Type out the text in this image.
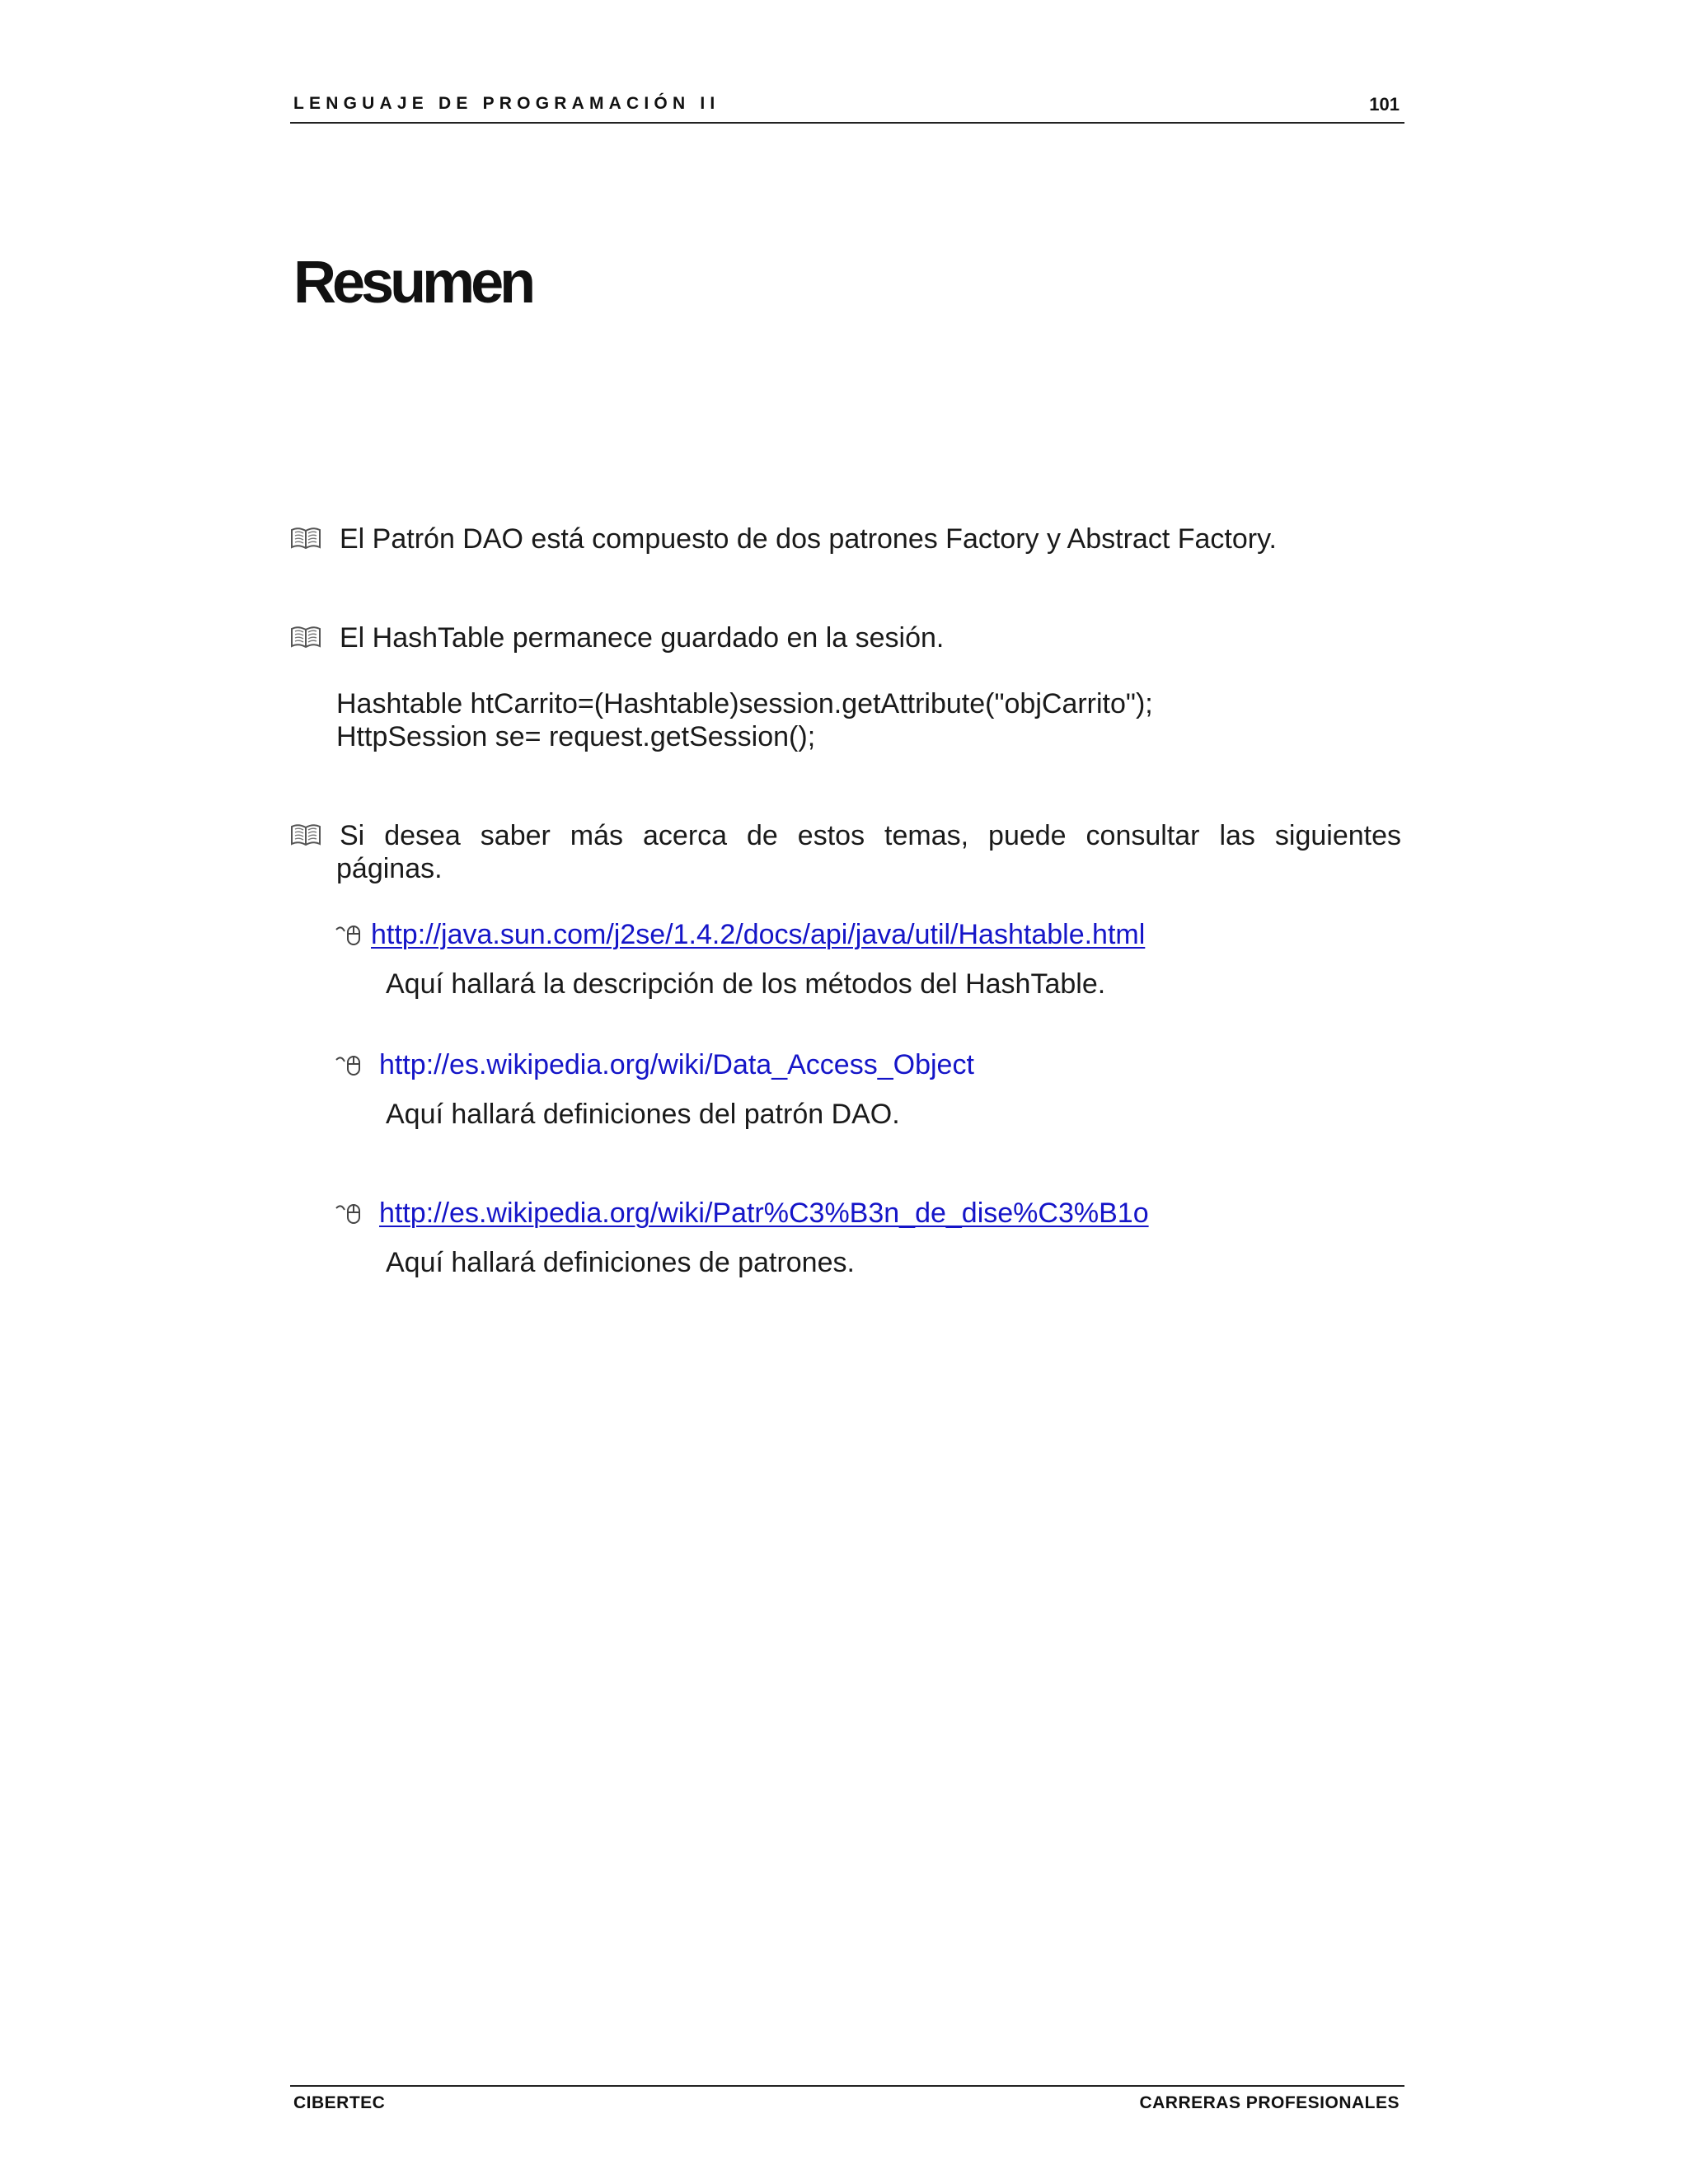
LENGUAJE DE PROGRAMACIÓN II	101
Resumen
El Patrón DAO está compuesto de dos patrones Factory y Abstract Factory.
El HashTable permanece guardado en la sesión.
Hashtable htCarrito=(Hashtable)session.getAttribute("objCarrito");
HttpSession se= request.getSession();
Si desea saber más acerca de estos temas, puede consultar las siguientes
páginas.
http://java.sun.com/j2se/1.4.2/docs/api/java/util/Hashtable.html
Aquí hallará la descripción de los métodos del HashTable.
http://es.wikipedia.org/wiki/Data_Access_Object
Aquí hallará definiciones del patrón DAO.
http://es.wikipedia.org/wiki/Patr%C3%B3n_de_dise%C3%B1o
Aquí hallará definiciones de patrones.
CIBERTEC	CARRERAS PROFESIONALES
